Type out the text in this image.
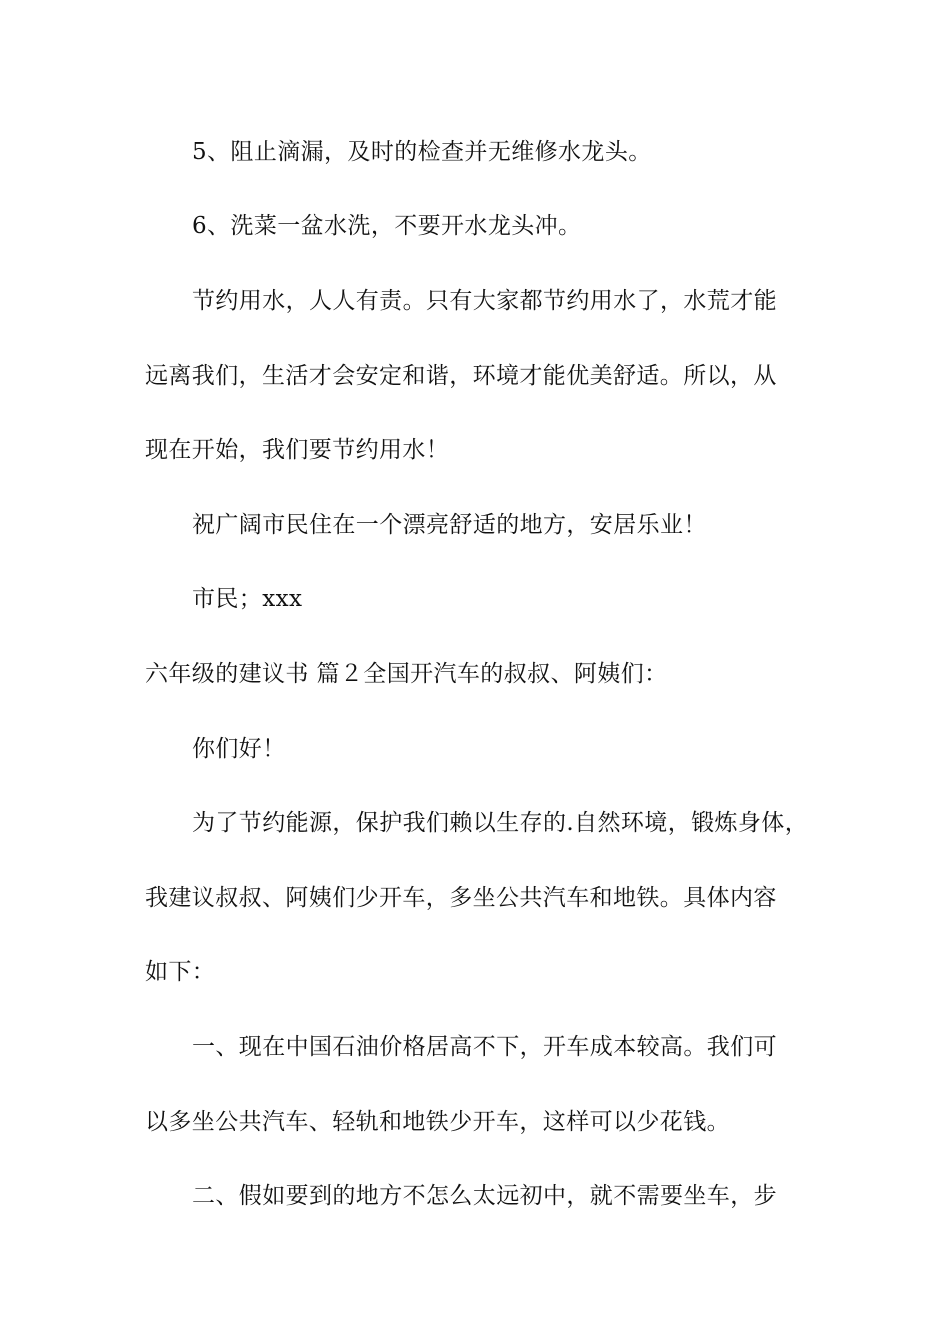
5、阻止滴漏，及时的检查并无维修水龙头。
6、洗菜一盆水洗，不要开水龙头冲。
节约用水，人人有责。只有大家都节约用水了，水荒才能
远离我们，生活才会安定和谐，环境才能优美舒适。所以，从
现在开始，我们要节约用水！
祝广阔市民住在一个漂亮舒适的地方，安居乐业！
市民；xxx
六年级的建议书 篇２全国开汽车的叔叔、阿姨们：
你们好！
为了节约能源，保护我们赖以生存的.自然环境，锻炼身体，
我建议叔叔、阿姨们少开车，多坐公共汽车和地铁。具体内容
如下：
一、现在中国石油价格居高不下，开车成本较高。我们可
以多坐公共汽车、轻轨和地铁少开车，这样可以少花钱。
二、假如要到的地方不怎么太远初中，就不需要坐车，步
